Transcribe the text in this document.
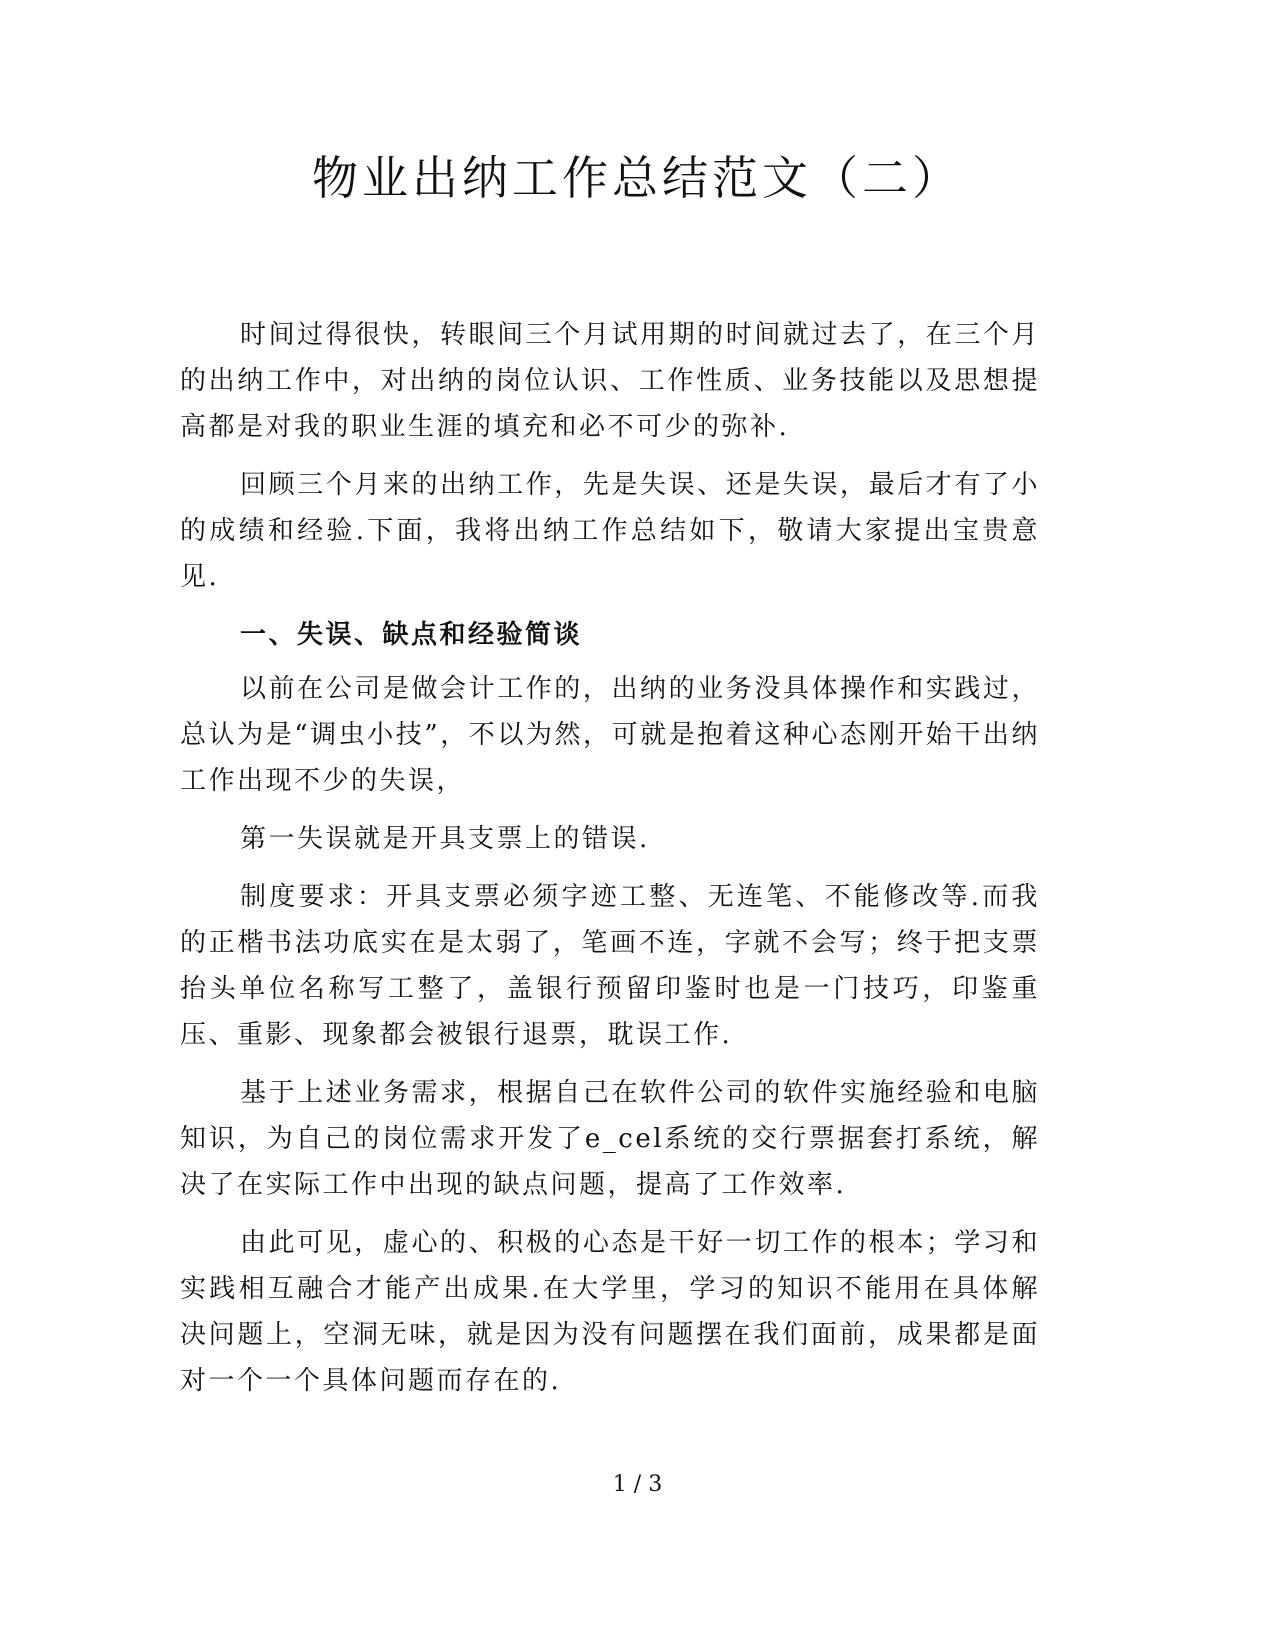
物业出纳工作总结范文（二）

时间过得很快，转眼间三个月试用期的时间就过去了，在三个月的出纳工作中，对出纳的岗位认识、工作性质、业务技能以及思想提高都是对我的职业生涯的填充和必不可少的弥补.

回顾三个月来的出纳工作，先是失误、还是失误，最后才有了小的成绩和经验.下面，我将出纳工作总结如下，敬请大家提出宝贵意见.

一、失误、缺点和经验简谈

以前在公司是做会计工作的，出纳的业务没具体操作和实践过，总认为是“调虫小技”，不以为然，可就是抱着这种心态刚开始干出纳工作出现不少的失误，

第一失误就是开具支票上的错误.

制度要求：开具支票必须字迹工整、无连笔、不能修改等.而我的正楷书法功底实在是太弱了，笔画不连，字就不会写；终于把支票抬头单位名称写工整了，盖银行预留印鉴时也是一门技巧，印鉴重压、重影、现象都会被银行退票，耽误工作.

基于上述业务需求，根据自己在软件公司的软件实施经验和电脑知识，为自己的岗位需求开发了e_cel系统的交行票据套打系统，解决了在实际工作中出现的缺点问题，提高了工作效率.

由此可见，虚心的、积极的心态是干好一切工作的根本；学习和实践相互融合才能产出成果.在大学里，学习的知识不能用在具体解决问题上，空洞无味，就是因为没有问题摆在我们面前，成果都是面对一个一个具体问题而存在的.

1 / 3
